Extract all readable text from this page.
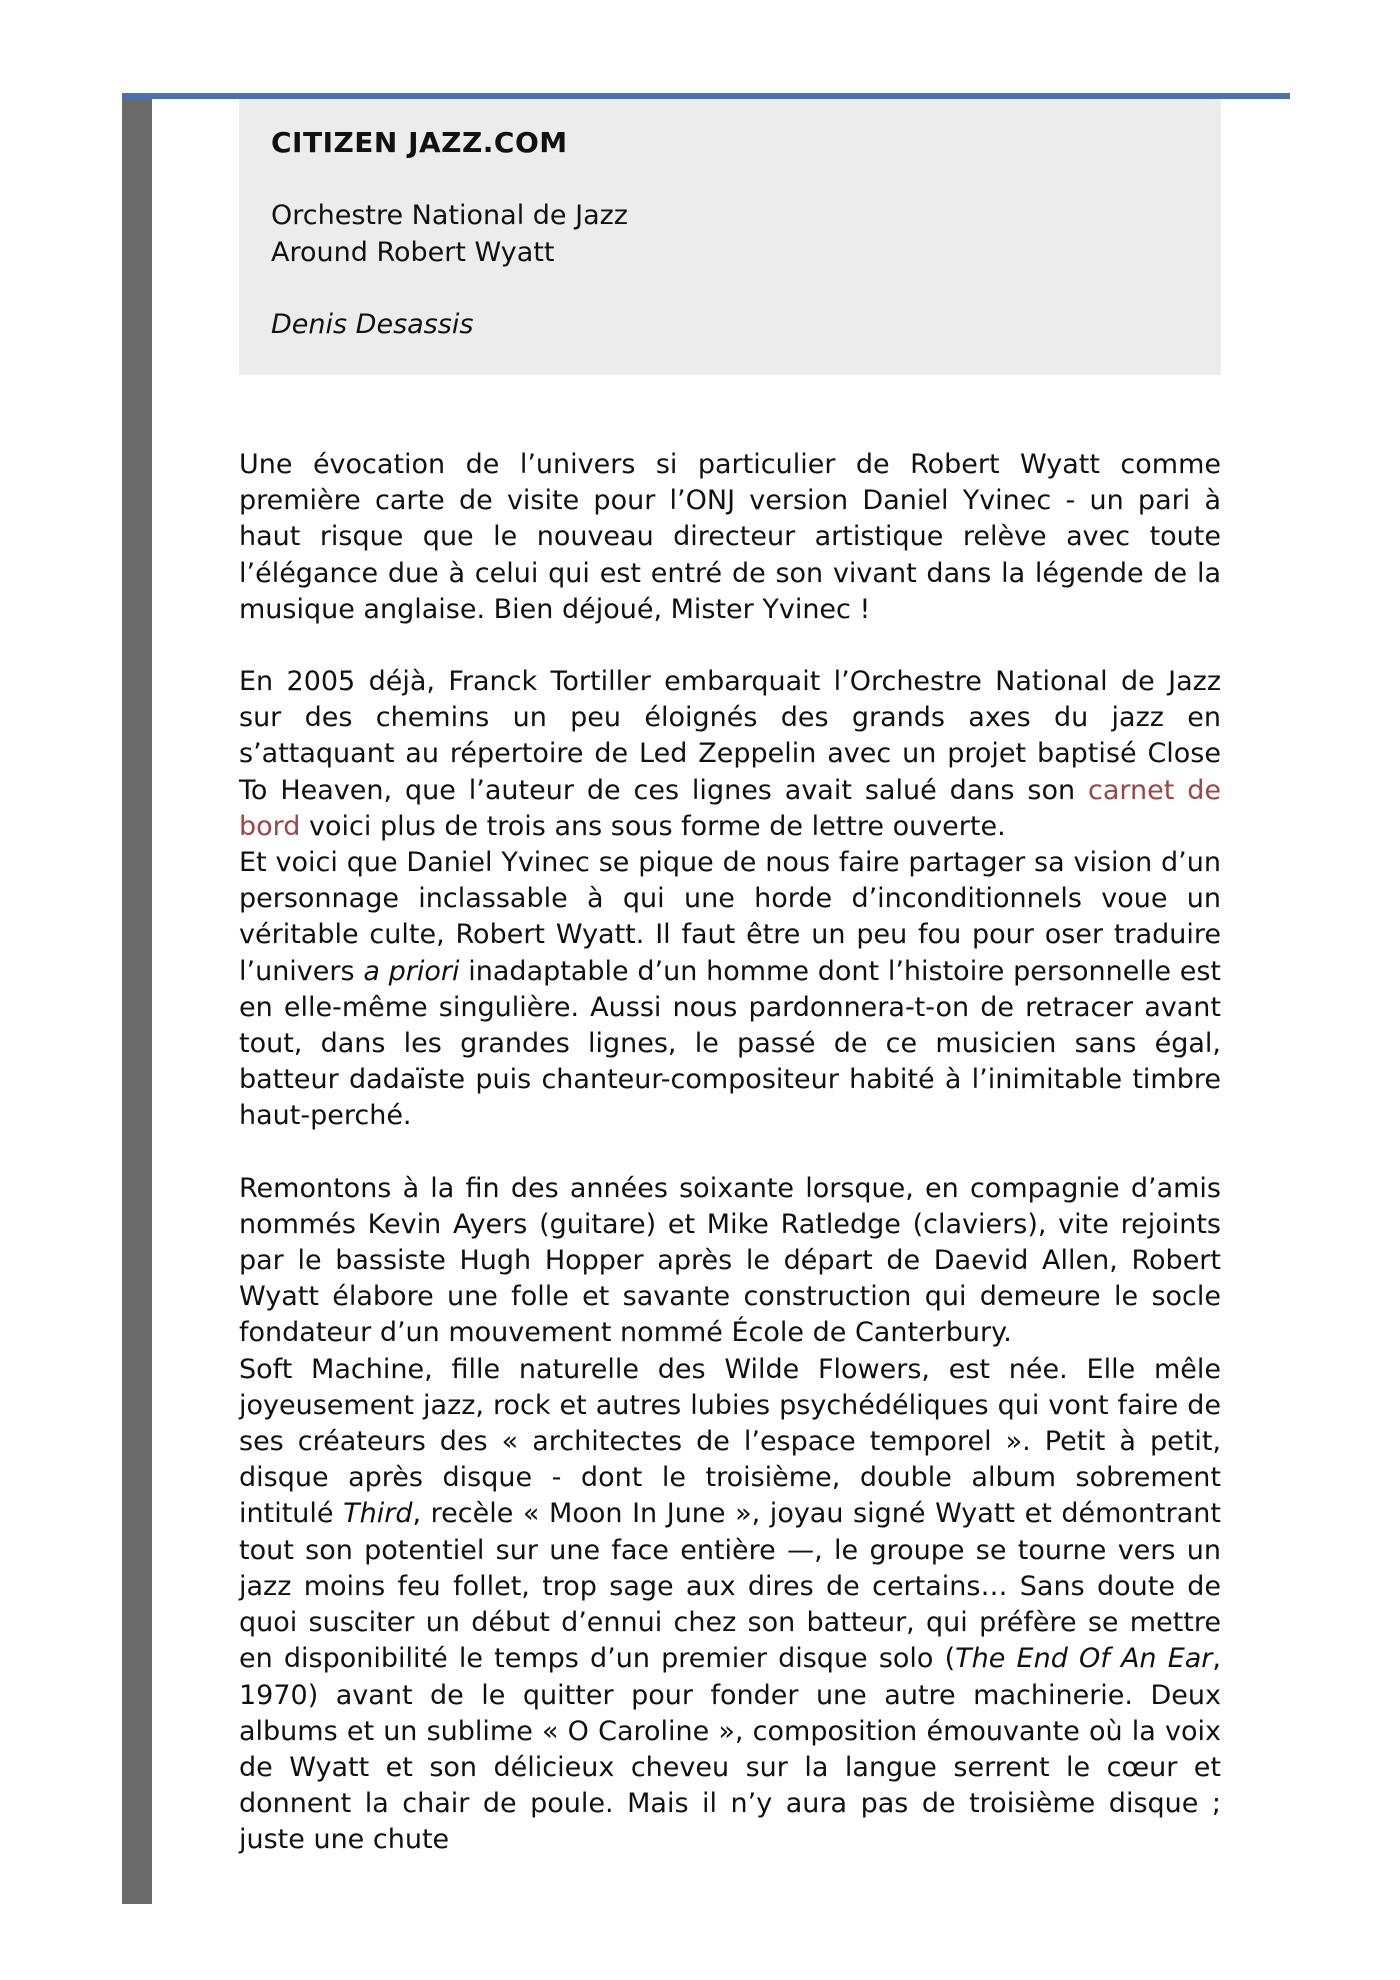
CITIZEN JAZZ.COM

Orchestre National de Jazz

Around Robert Wyatt

Denis Desassis

Une évocation de l’univers si particulier de Robert Wyatt comme première carte de visite pour l’ONJ version Daniel Yvinec - un pari à haut risque que le nouveau directeur artistique relève avec toute l’élégance due à celui qui est entré de son vivant dans la légende de la musique anglaise. Bien déjoué, Mister Yvinec !

En 2005 déjà, Franck Tortiller embarquait l’Orchestre National de Jazz sur des chemins un peu éloignés des grands axes du jazz en s’attaquant au répertoire de Led Zeppelin avec un projet baptisé Close To Heaven, que l’auteur de ces lignes avait salué dans son carnet de bord voici plus de trois ans sous forme de lettre ouverte.

Et voici que Daniel Yvinec se pique de nous faire partager sa vision d’un personnage inclassable à qui une horde d’inconditionnels voue un véritable culte, Robert Wyatt. Il faut être un peu fou pour oser traduire l’univers a priori inadaptable d’un homme dont l’histoire personnelle est en elle-même singulière. Aussi nous pardonnera-t-on de retracer avant tout, dans les grandes lignes, le passé de ce musicien sans égal, batteur dadaïste puis chanteur-compositeur habité à l’inimitable timbre haut-perché.

Remontons à la fin des années soixante lorsque, en compagnie d’amis nommés Kevin Ayers (guitare) et Mike Ratledge (claviers), vite rejoints par le bassiste Hugh Hopper après le départ de Daevid Allen, Robert Wyatt élabore une folle et savante construction qui demeure le socle fondateur d’un mouvement nommé École de Canterbury.

Soft Machine, fille naturelle des Wilde Flowers, est née. Elle mêle joyeusement jazz, rock et autres lubies psychédéliques qui vont faire de ses créateurs des « architectes de l’espace temporel ». Petit à petit, disque après disque - dont le troisième, double album sobrement intitulé Third, recèle « Moon In June », joyau signé Wyatt et démontrant tout son potentiel sur une face entière —, le groupe se tourne vers un jazz moins feu follet, trop sage aux dires de certains… Sans doute de quoi susciter un début d’ennui chez son batteur, qui préfère se mettre en disponibilité le temps d’un premier disque solo (The End Of An Ear, 1970) avant de le quitter pour fonder une autre machinerie. Deux albums et un sublime « O Caroline », composition émouvante où la voix de Wyatt et son délicieux cheveu sur la langue serrent le cœur et donnent la chair de poule. Mais il n’y aura pas de troisième disque ; juste une chute
